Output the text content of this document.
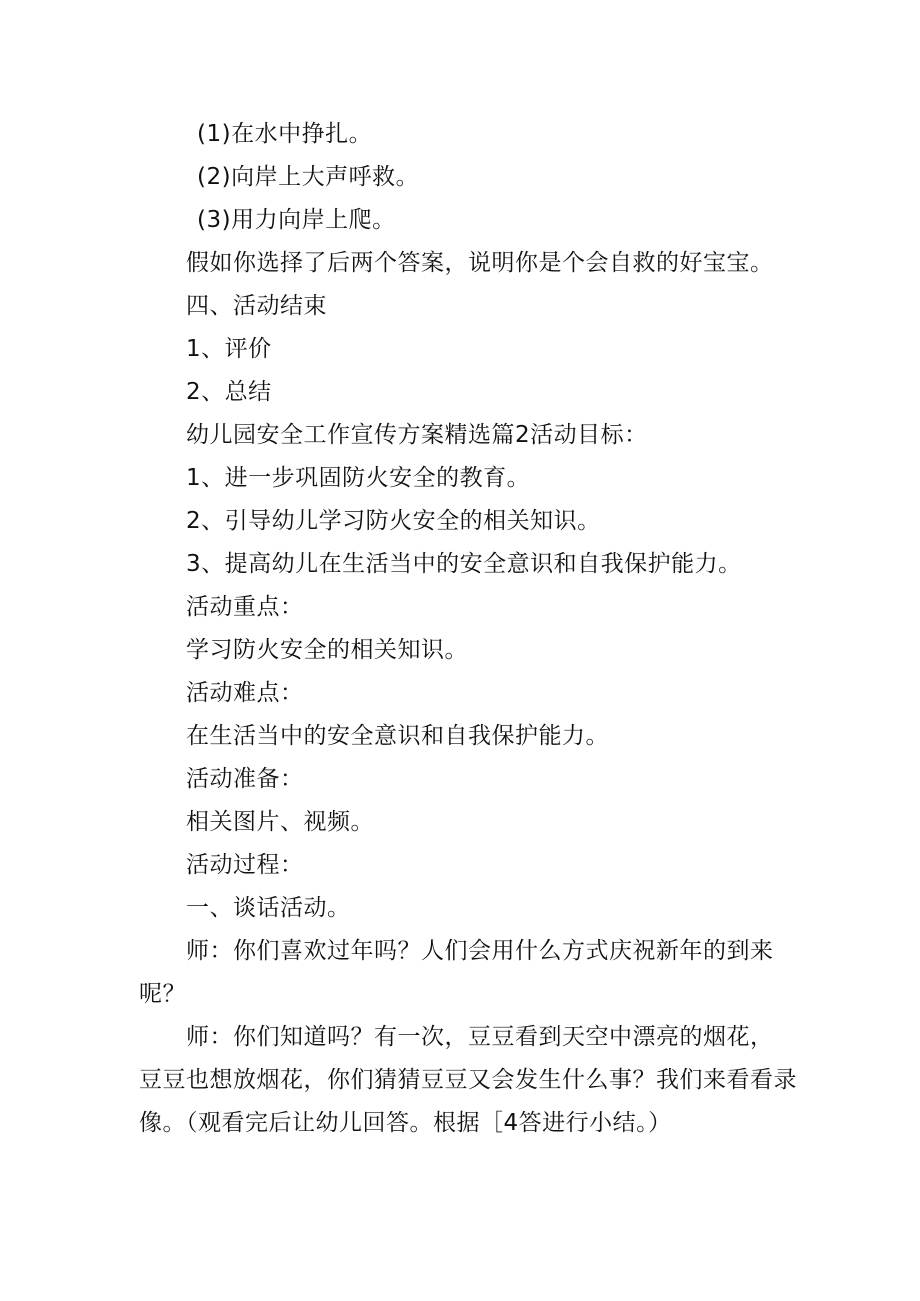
(1)在水中挣扎。
(2)向岸上大声呼救。
(3)用力向岸上爬。
假如你选择了后两个答案，说明你是个会自救的好宝宝。
四、活动结束
1、评价
2、总结
幼儿园安全工作宣传方案精选篇2活动目标：
1、进一步巩固防火安全的教育。
2、引导幼儿学习防火安全的相关知识。
3、提高幼儿在生活当中的安全意识和自我保护能力。
活动重点：
学习防火安全的相关知识。
活动难点：
在生活当中的安全意识和自我保护能力。
活动准备：
相关图片、视频。
活动过程：
一、谈话活动。
师：你们喜欢过年吗？人们会用什么方式庆祝新年的到来
呢？
师：你们知道吗？有一次，豆豆看到天空中漂亮的烟花，
豆豆也想放烟花，你们猜猜豆豆又会发生什么事？我们来看看录
像。（观看完后让幼儿回答。根据［4答进行小结。）
